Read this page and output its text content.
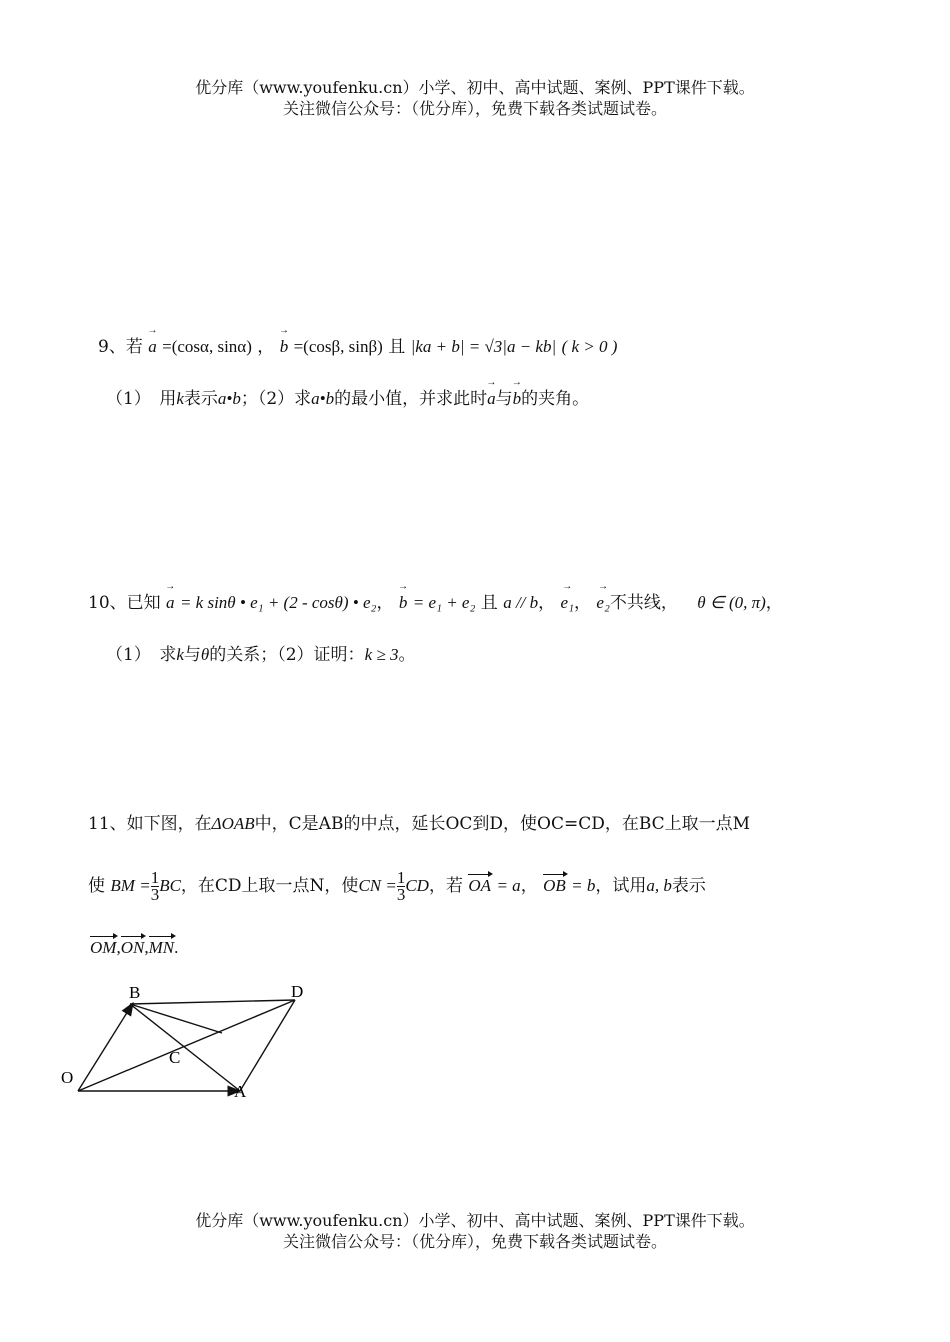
优分库（www.youfenku.cn）小学、初中、高中试题、案例、PPT课件下载。
关注微信公众号：（优分库），免费下载各类试题试卷。
9、若 → a =(cosα, sinα) ， → b =(cosβ, sinβ) 且 |ka + b| = √3|a − kb| ( k > 0 )
（1）　用k表示a•b；（2）求a•b的最小值，并求此时→ a与→ b的夹角。
10、已知 → a = k sinθ • e₁ + (2 - cosθ) • e₂， → b = e₁ + e₂ 且 a // b， → e₁， → e₂不共线， θ ∈ (0, π)，
（1）　求k与θ的关系；（2）证明：k ≥ 3。
11、如下图，在ΔOAB中，C是AB的中点，延长OC到D，使OC=CD，在BC上取一点M
使 BM = $\frac{1}{3}$ BC，在CD上取一点N，使CN = $\frac{1}{3}$ CD，若 OA = a， OB = b，试用a, b表示
OM,ON,MN.
B	D
O
C
A
优分库（www.youfenku.cn）小学、初中、高中试题、案例、PPT课件下载。
关注微信公众号：（优分库），免费下载各类试题试卷。
